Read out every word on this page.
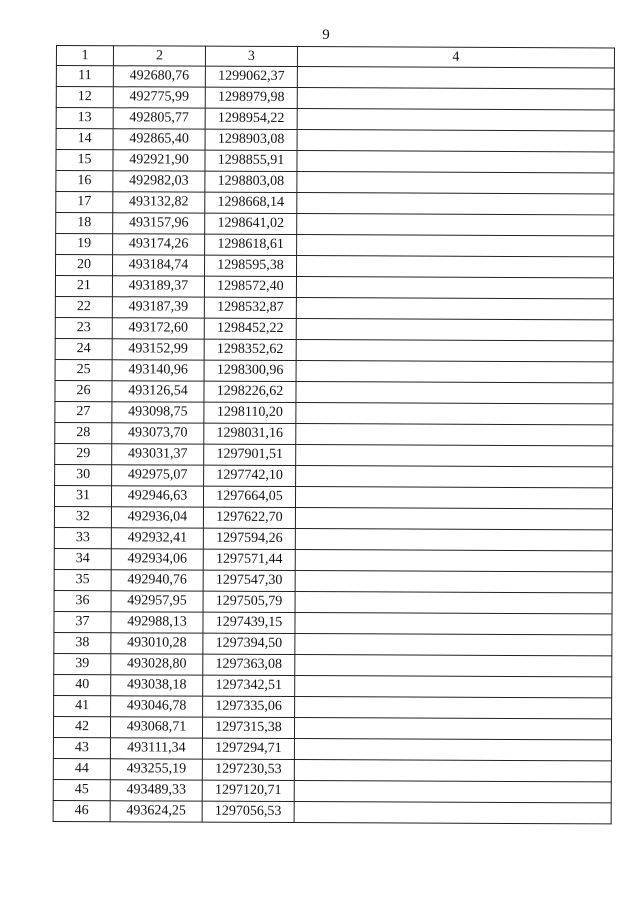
9
1	2	3	4
11	492680,76	1299062,37	
12	492775,99	1298979,98	
13	492805,77	1298954,22	
14	492865,40	1298903,08	
15	492921,90	1298855,91	
16	492982,03	1298803,08	
17	493132,82	1298668,14	
18	493157,96	1298641,02	
19	493174,26	1298618,61	
20	493184,74	1298595,38	
21	493189,37	1298572,40	
22	493187,39	1298532,87	
23	493172,60	1298452,22	
24	493152,99	1298352,62	
25	493140,96	1298300,96	
26	493126,54	1298226,62	
27	493098,75	1298110,20	
28	493073,70	1298031,16	
29	493031,37	1297901,51	
30	492975,07	1297742,10	
31	492946,63	1297664,05	
32	492936,04	1297622,70	
33	492932,41	1297594,26	
34	492934,06	1297571,44	
35	492940,76	1297547,30	
36	492957,95	1297505,79	
37	492988,13	1297439,15	
38	493010,28	1297394,50	
39	493028,80	1297363,08	
40	493038,18	1297342,51	
41	493046,78	1297335,06	
42	493068,71	1297315,38	
43	493111,34	1297294,71	
44	493255,19	1297230,53	
45	493489,33	1297120,71	
46	493624,25	1297056,53	
